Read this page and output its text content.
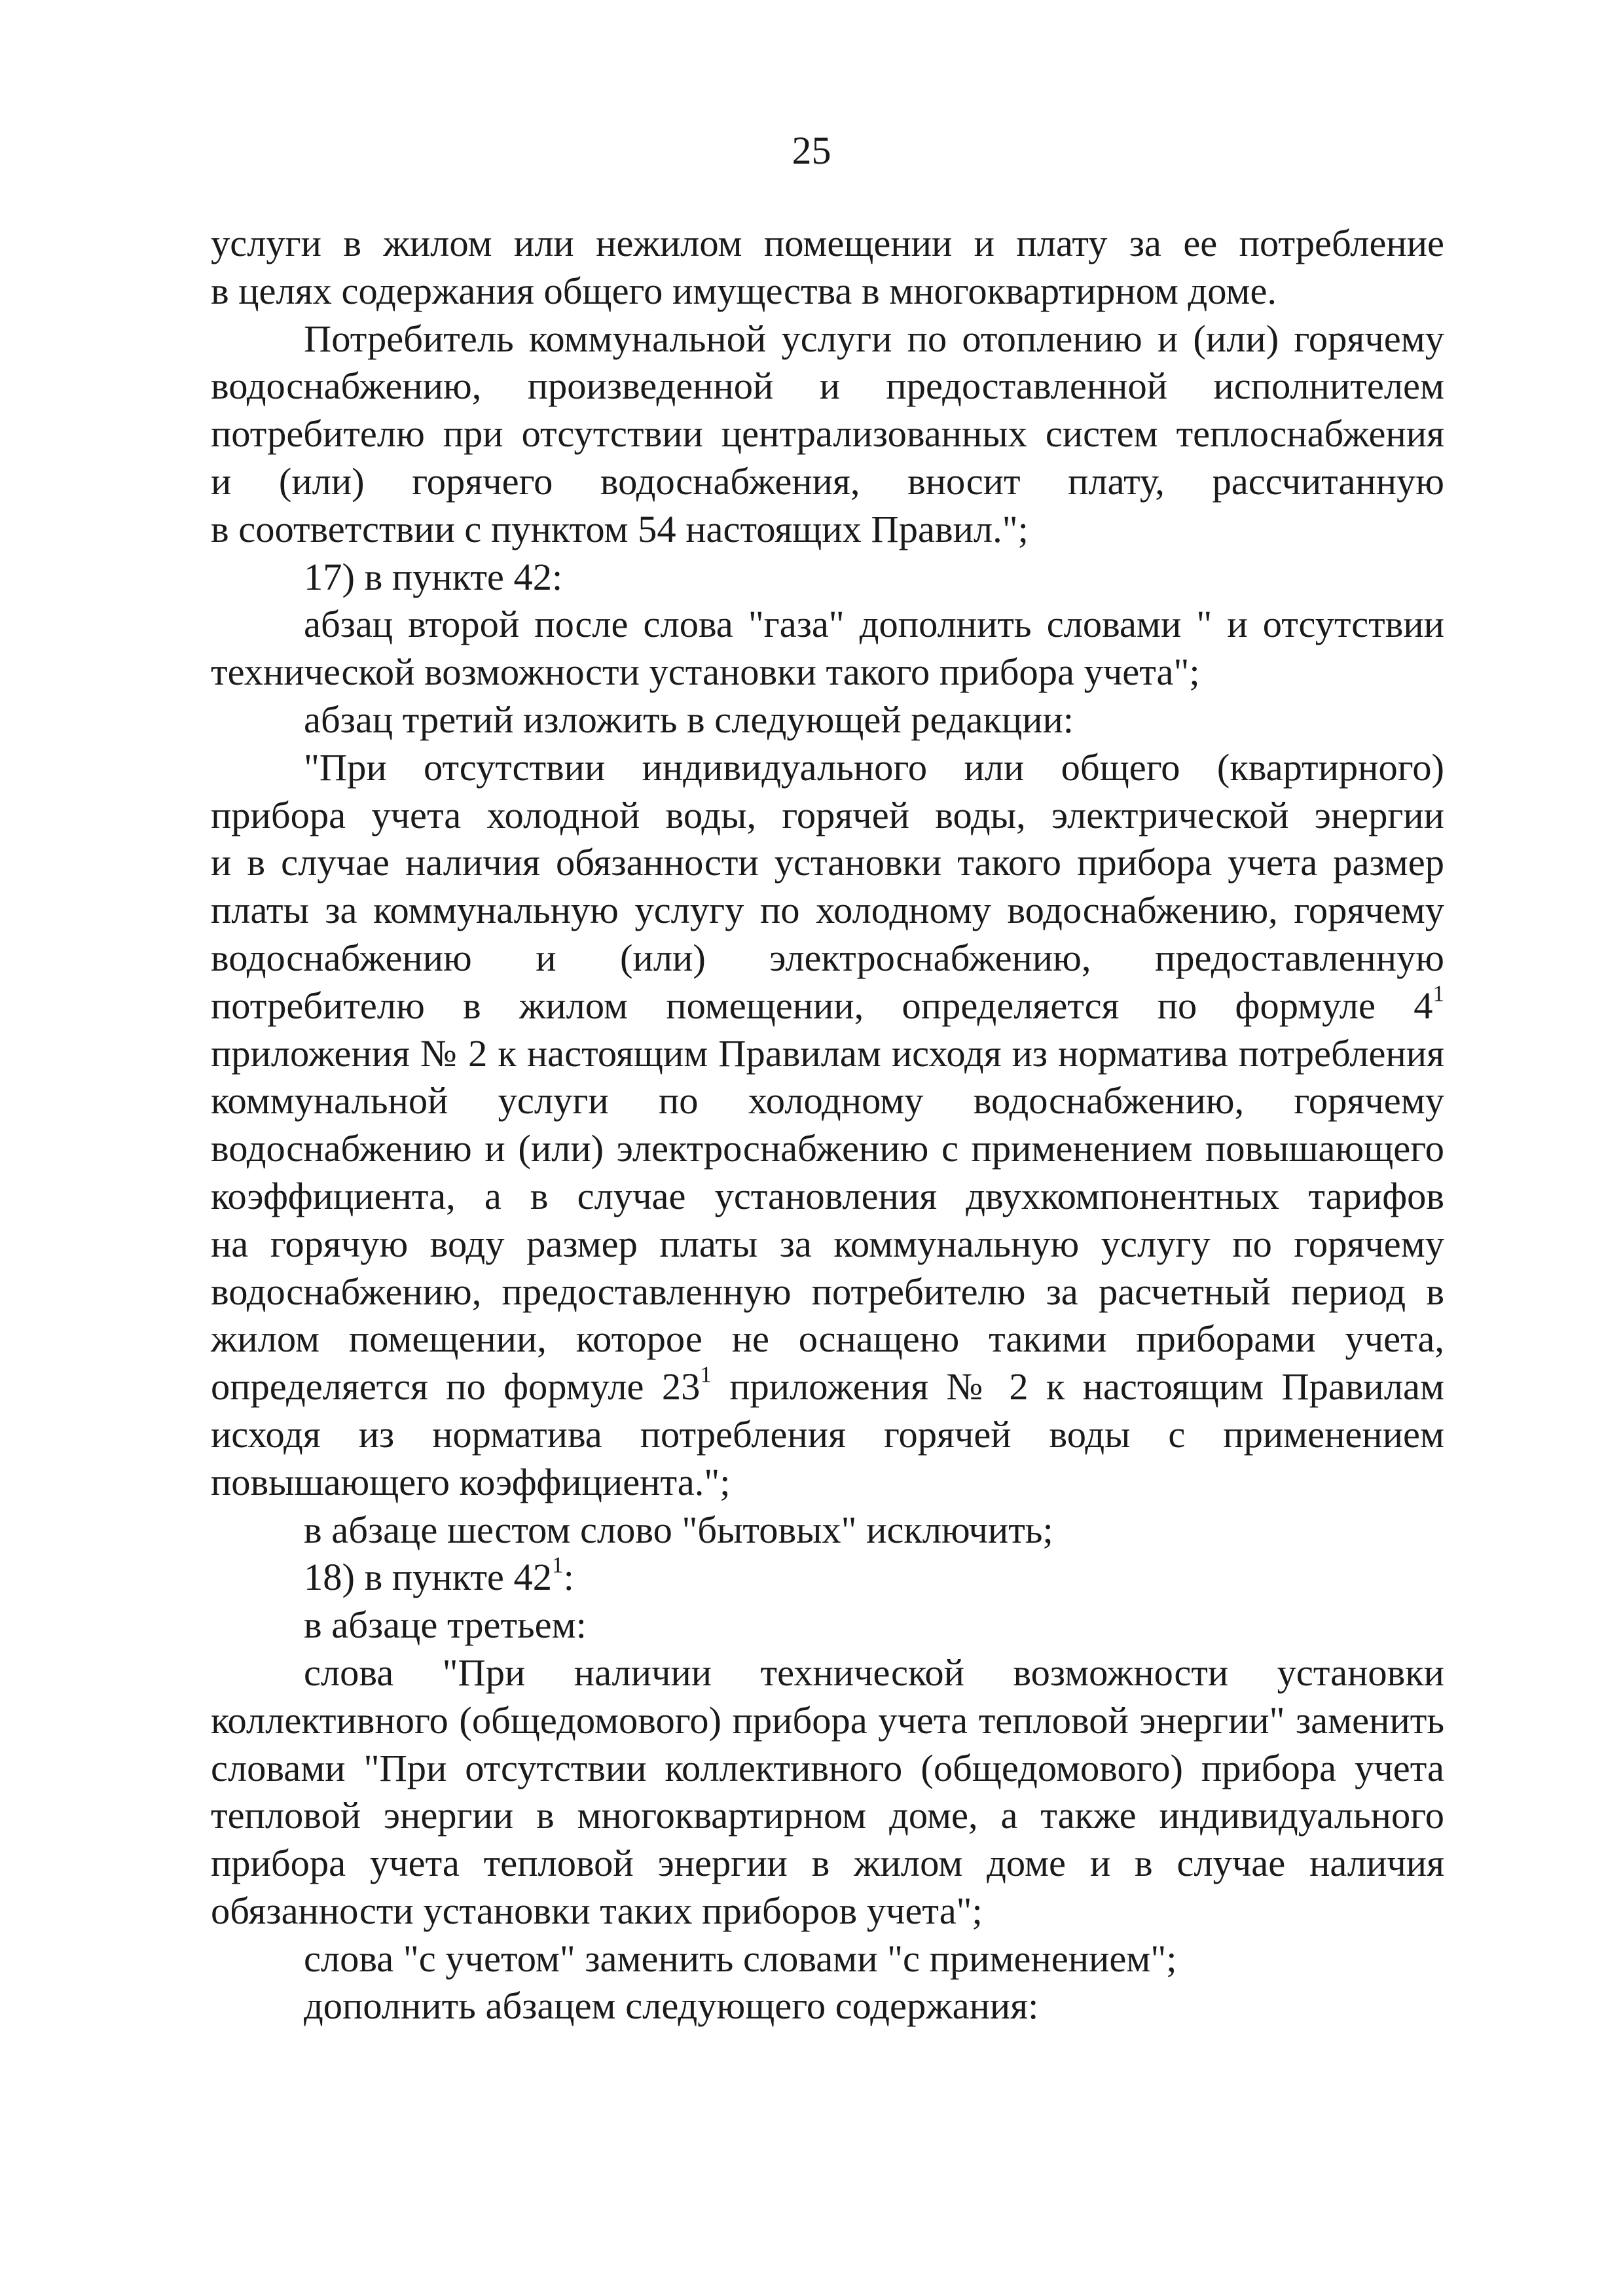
25
услуги в жилом или нежилом помещении и плату за ее потребление
в целях содержания общего имущества в многоквартирном доме.
Потребитель коммунальной услуги по отоплению и (или) горячему
водоснабжению, произведенной и предоставленной исполнителем
потребителю при отсутствии централизованных систем теплоснабжения
и (или) горячего водоснабжения, вносит плату, рассчитанную
в соответствии с пунктом 54 настоящих Правил.";
17) в пункте 42:
абзац второй после слова "газа" дополнить словами " и отсутствии
технической возможности установки такого прибора учета";
абзац третий изложить в следующей редакции:
"При отсутствии индивидуального или общего (квартирного)
прибора учета холодной воды, горячей воды, электрической энергии
и в случае наличия обязанности установки такого прибора учета размер
платы за коммунальную услугу по холодному водоснабжению, горячему
водоснабжению и (или) электроснабжению, предоставленную
потребителю в жилом помещении, определяется по формуле $4^1$
приложения № 2 к настоящим Правилам исходя из норматива потребления
коммунальной услуги по холодному водоснабжению, горячему
водоснабжению и (или) электроснабжению с применением повышающего
коэффициента, а в случае установления двухкомпонентных тарифов
на горячую воду размер платы за коммунальную услугу по горячему
водоснабжению, предоставленную потребителю за расчетный период в
жилом помещении, которое не оснащено такими приборами учета,
определяется по формуле $23^1$ приложения № 2 к настоящим Правилам
исходя из норматива потребления горячей воды с применением
повышающего коэффициента.";
в абзаце шестом слово "бытовых" исключить;
18) в пункте $42^1$:
в абзаце третьем:
слова "При наличии технической возможности установки
коллективного (общедомового) прибора учета тепловой энергии" заменить
словами "При отсутствии коллективного (общедомового) прибора учета
тепловой энергии в многоквартирном доме, а также индивидуального
прибора учета тепловой энергии в жилом доме и в случае наличия
обязанности установки таких приборов учета";
слова "с учетом" заменить словами "с применением";
дополнить абзацем следующего содержания:
